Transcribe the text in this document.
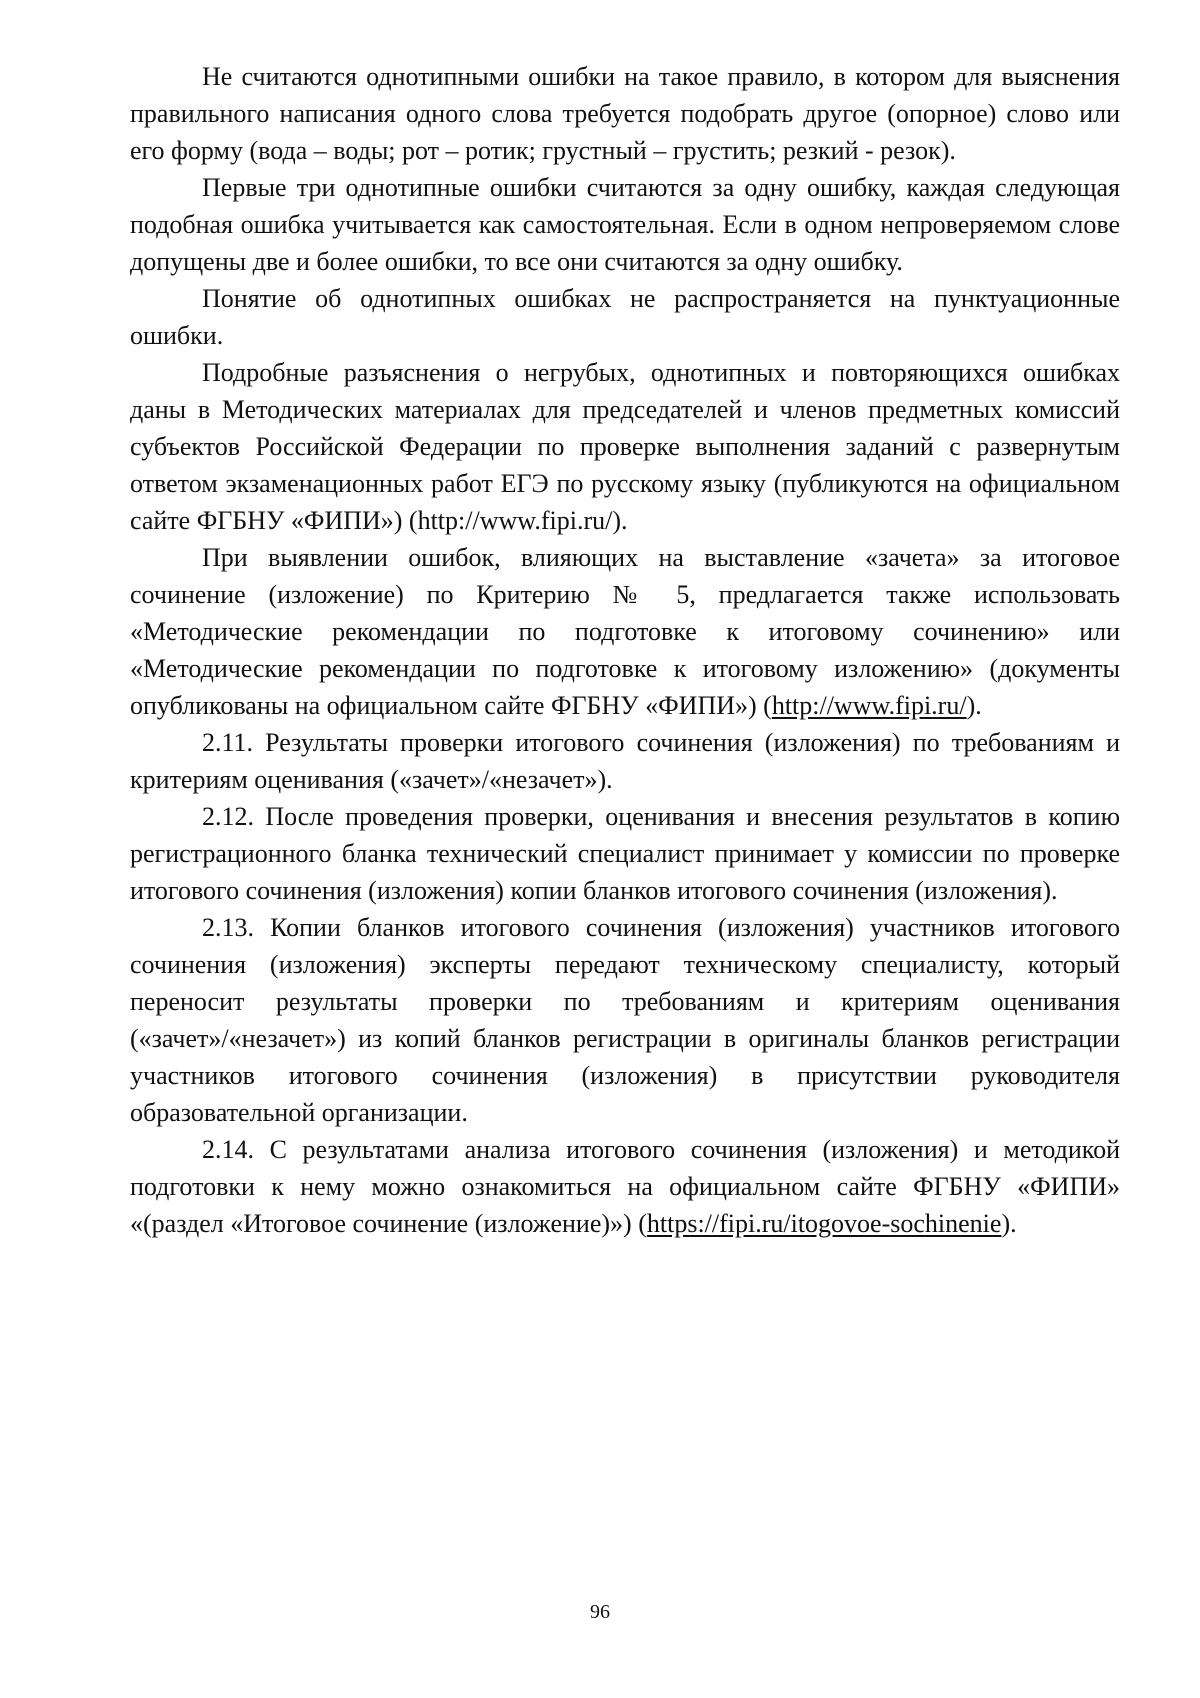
Не считаются однотипными ошибки на такое правило, в котором для выяснения правильного написания одного слова требуется подобрать другое (опорное) слово или его форму (вода – воды; рот – ротик; грустный – грустить; резкий - резок).

Первые три однотипные ошибки считаются за одну ошибку, каждая следующая подобная ошибка учитывается как самостоятельная. Если в одном непроверяемом слове допущены две и более ошибки, то все они считаются за одну ошибку.

Понятие об однотипных ошибках не распространяется на пунктуационные ошибки.

Подробные разъяснения о негрубых, однотипных и повторяющихся ошибках даны в Методических материалах для председателей и членов предметных комиссий субъектов Российской Федерации по проверке выполнения заданий с развернутым ответом экзаменационных работ ЕГЭ по русскому языку (публикуются на официальном сайте ФГБНУ «ФИПИ») (http://www.fipi.ru/).

При выявлении ошибок, влияющих на выставление «зачета» за итоговое сочинение (изложение) по Критерию № 5, предлагается также использовать «Методические рекомендации по подготовке к итоговому сочинению» или «Методические рекомендации по подготовке к итоговому изложению» (документы опубликованы на официальном сайте ФГБНУ «ФИПИ») (http://www.fipi.ru/).

2.11. Результаты проверки итогового сочинения (изложения) по требованиям и критериям оценивания («зачет»/«незачет»).

2.12. После проведения проверки, оценивания и внесения результатов в копию регистрационного бланка технический специалист принимает у комиссии по проверке итогового сочинения (изложения) копии бланков итогового сочинения (изложения).

2.13. Копии бланков итогового сочинения (изложения) участников итогового сочинения (изложения) эксперты передают техническому специалисту, который переносит результаты проверки по требованиям и критериям оценивания («зачет»/«незачет») из копий бланков регистрации в оригиналы бланков регистрации участников итогового сочинения (изложения) в присутствии руководителя образовательной организации.

2.14. С результатами анализа итогового сочинения (изложения) и методикой подготовки к нему можно ознакомиться на официальном сайте ФГБНУ «ФИПИ» «(раздел «Итоговое сочинение (изложение)») (https://fipi.ru/itogovoe-sochinenie).

96
